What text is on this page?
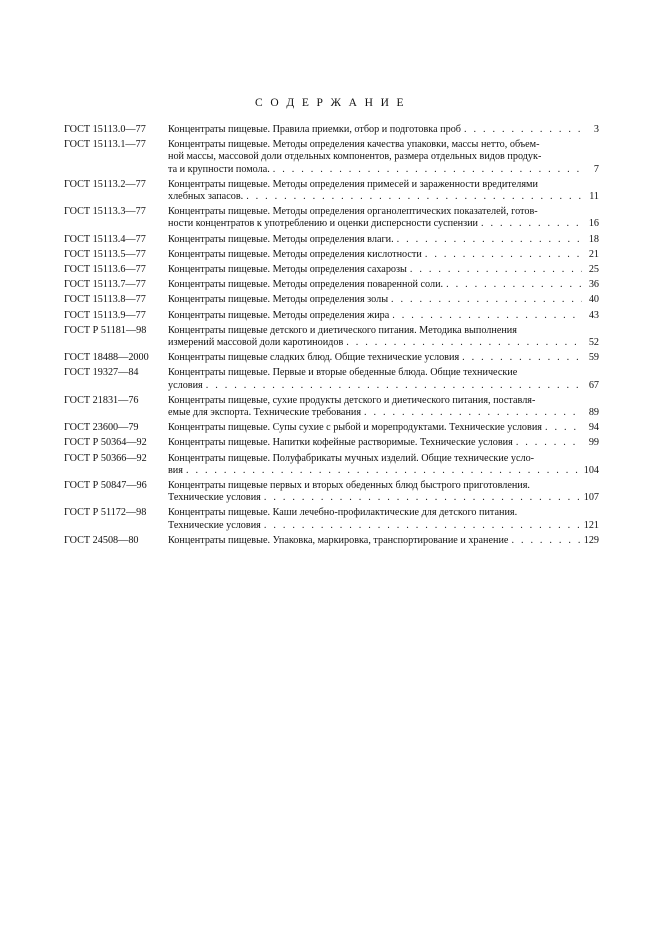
С О Д Е Р Ж А Н И Е
ГОСТ 15113.0—77	Концентраты пищевые. Правила приемки, отбор и подготовка проб . . .	3
ГОСТ 15113.1—77	Концентраты пищевые. Методы определения качества упаковки, массы нетто, объем-
ной массы, массовой доли отдельных компонентов, размера отдельных видов продук-
та и крупности помола. . . .	7
ГОСТ 15113.2—77	Концентраты пищевые. Методы определения примесей и зараженности вредителями
хлебных запасов. . . .	11
ГОСТ 15113.3—77	Концентраты пищевые. Методы определения органолептических показателей, готов-
ности концентратов к употреблению и оценки дисперсности суспензии . . .	16
ГОСТ 15113.4—77	Концентраты пищевые. Методы определения влаги. . . .	18
ГОСТ 15113.5—77	Концентраты пищевые. Методы определения кислотности . . .	21
ГОСТ 15113.6—77	Концентраты пищевые. Методы определения сахарозы . . .	25
ГОСТ 15113.7—77	Концентраты пищевые. Методы определения поваренной соли. . . .	36
ГОСТ 15113.8—77	Концентраты пищевые. Методы определения золы . . .	40
ГОСТ 15113.9—77	Концентраты пищевые. Методы определения жира . . .	43
ГОСТ Р 51181—98	Концентраты пищевые детского и диетического питания. Методика выполнения
измерений массовой доли каротиноидов . . .	52
ГОСТ 18488—2000	Концентраты пищевые сладких блюд. Общие технические условия . . .	59
ГОСТ 19327—84	Концентраты пищевые. Первые и вторые обеденные блюда. Общие технические
условия . . .	67
ГОСТ 21831—76	Концентраты пищевые, сухие продукты детского и диетического питания, поставля-
емые для экспорта. Технические требования . . .	89
ГОСТ 23600—79	Концентраты пищевые. Супы сухие с рыбой и морепродуктами. Технические условия . . .	94
ГОСТ Р 50364—92	Концентраты пищевые. Напитки кофейные растворимые. Технические условия . . .	99
ГОСТ Р 50366—92	Концентраты пищевые. Полуфабрикаты мучных изделий. Общие технические усло-
вия . . .	104
ГОСТ Р 50847—96	Концентраты пищевые первых и вторых обеденных блюд быстрого приготовления.
Технические условия . . .	107
ГОСТ Р 51172—98	Концентраты пищевые. Каши лечебно-профилактические для детского питания.
Технические условия . . .	121
ГОСТ 24508—80	Концентраты пищевые. Упаковка, маркировка, транспортирование и хранение . . .	129
